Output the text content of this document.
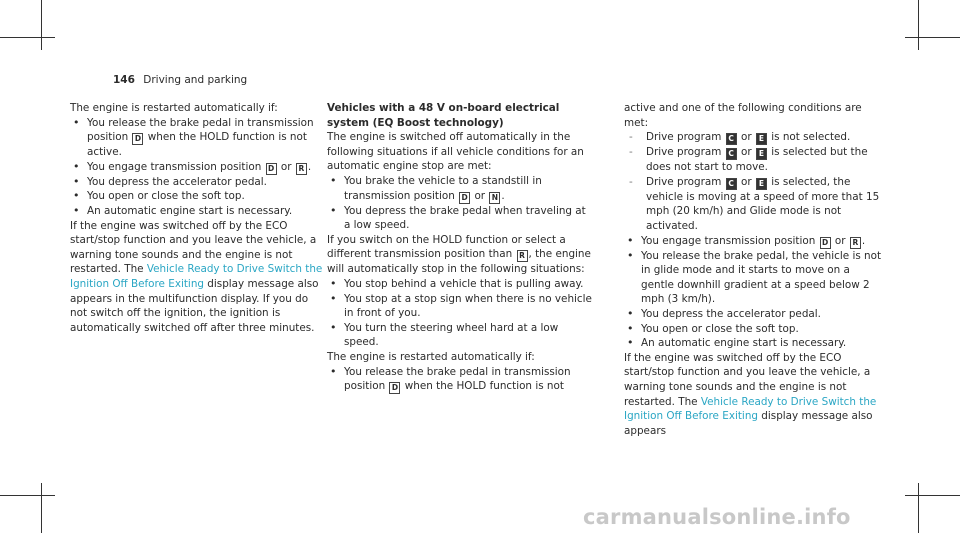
146 Driving and parking

The engine is restarted automatically if:

• You release the brake pedal in transmission position D when the HOLD function is not active.

• You engage transmission position D or R .

• You depress the accelerator pedal.

• You open or close the soft top.

• An automatic engine start is necessary.

If the engine was switched off by the ECO start/stop function and you leave the vehicle, a warning tone sounds and the engine is not restarted. The Vehicle Ready to Drive Switch the Ignition Off Before Exiting display message also appears in the multifunction display. If you do not switch off the ignition, the ignition is automatically switched off after three minutes.

Vehicles with a 48 V on-board electrical system (EQ Boost technology)

The engine is switched off automatically in the following situations if all vehicle conditions for an automatic engine stop are met:

• You brake the vehicle to a standstill in transmission position D or N .

• You depress the brake pedal when traveling at a low speed.

If you switch on the HOLD function or select a different transmission position than R , the engine will automatically stop in the following situations:

• You stop behind a vehicle that is pulling away.

• You stop at a stop sign when there is no vehicle in front of you.

• You turn the steering wheel hard at a low speed.

The engine is restarted automatically if:

• You release the brake pedal in transmission position D when the HOLD function is not

active and one of the following conditions are met:

- Drive program C or E is not selected.

- Drive program C or E is selected but the does not start to move.

- Drive program C or E is selected, the vehicle is moving at a speed of more that 15 mph (20 km/h) and Glide mode is not activated.

• You engage transmission position D or R .

• You release the brake pedal, the vehicle is not in glide mode and it starts to move on a gentle downhill gradient at a speed below 2 mph (3 km/h).

• You depress the accelerator pedal.

• You open or close the soft top.

• An automatic engine start is necessary.

If the engine was switched off by the ECO start/stop function and you leave the vehicle, a warning tone sounds and the engine is not restarted. The Vehicle Ready to Drive Switch the Ignition Off Before Exiting display message also appears

carmanualsonline.info
